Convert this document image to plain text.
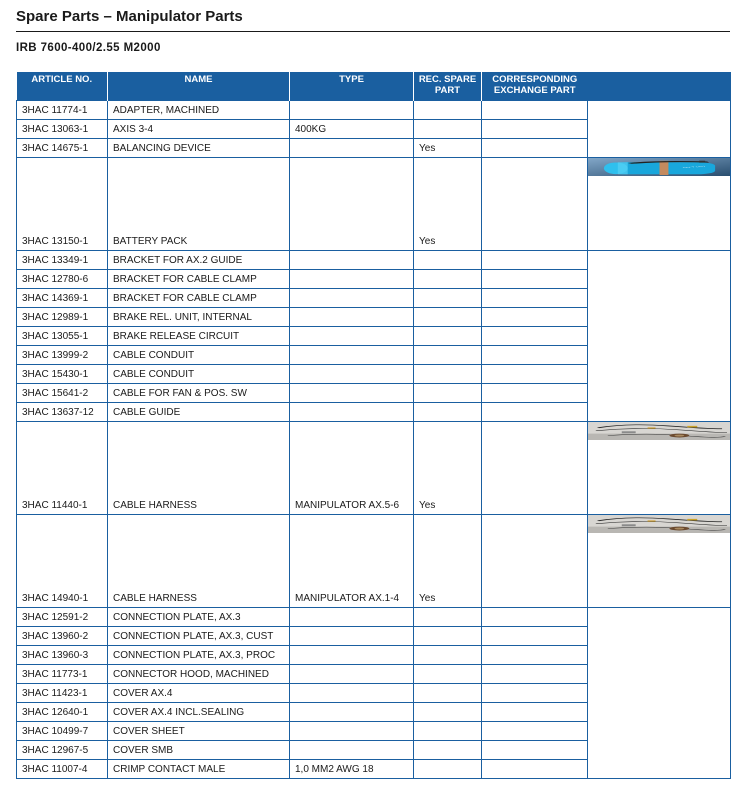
Spare Parts – Manipulator Parts
IRB 7600-400/2.55 M2000
ARTICLE NO.	NAME	TYPE	REC. SPARE PART	CORRESPONDING EXCHANGE PART	
3HAC 11774-1	ADAPTER, MACHINED				
3HAC 13063-1	AXIS 3-4	400KG			
3HAC 14675-1	BALANCING DEVICE		Yes		
3HAC 13150-1	BATTERY PACK		Yes		SAFT LSH

3HAC 13349-1	BRACKET FOR AX.2 GUIDE				
3HAC 12780-6	BRACKET FOR CABLE CLAMP				
3HAC 14369-1	BRACKET FOR CABLE CLAMP				
3HAC 12989-1	BRAKE REL. UNIT, INTERNAL				
3HAC 13055-1	BRAKE RELEASE CIRCUIT				
3HAC 13999-2	CABLE CONDUIT				
3HAC 15430-1	CABLE CONDUIT				
3HAC 15641-2	CABLE FOR FAN & POS. SW				
3HAC 13637-12	CABLE GUIDE				
3HAC 11440-1	CABLE HARNESS	MANIPULATOR AX.5-6	Yes		

3HAC 14940-1	CABLE HARNESS	MANIPULATOR AX.1-4	Yes		

3HAC 12591-2	CONNECTION PLATE, AX.3				
3HAC 13960-2	CONNECTION PLATE, AX.3, CUST				
3HAC 13960-3	CONNECTION PLATE, AX.3, PROC				
3HAC 11773-1	CONNECTOR HOOD, MACHINED				
3HAC 11423-1	COVER AX.4				
3HAC 12640-1	COVER AX.4 INCL.SEALING				
3HAC 10499-7	COVER SHEET				
3HAC 12967-5	COVER SMB				
3HAC 11007-4	CRIMP CONTACT MALE	1,0 MM2 AWG 18			
